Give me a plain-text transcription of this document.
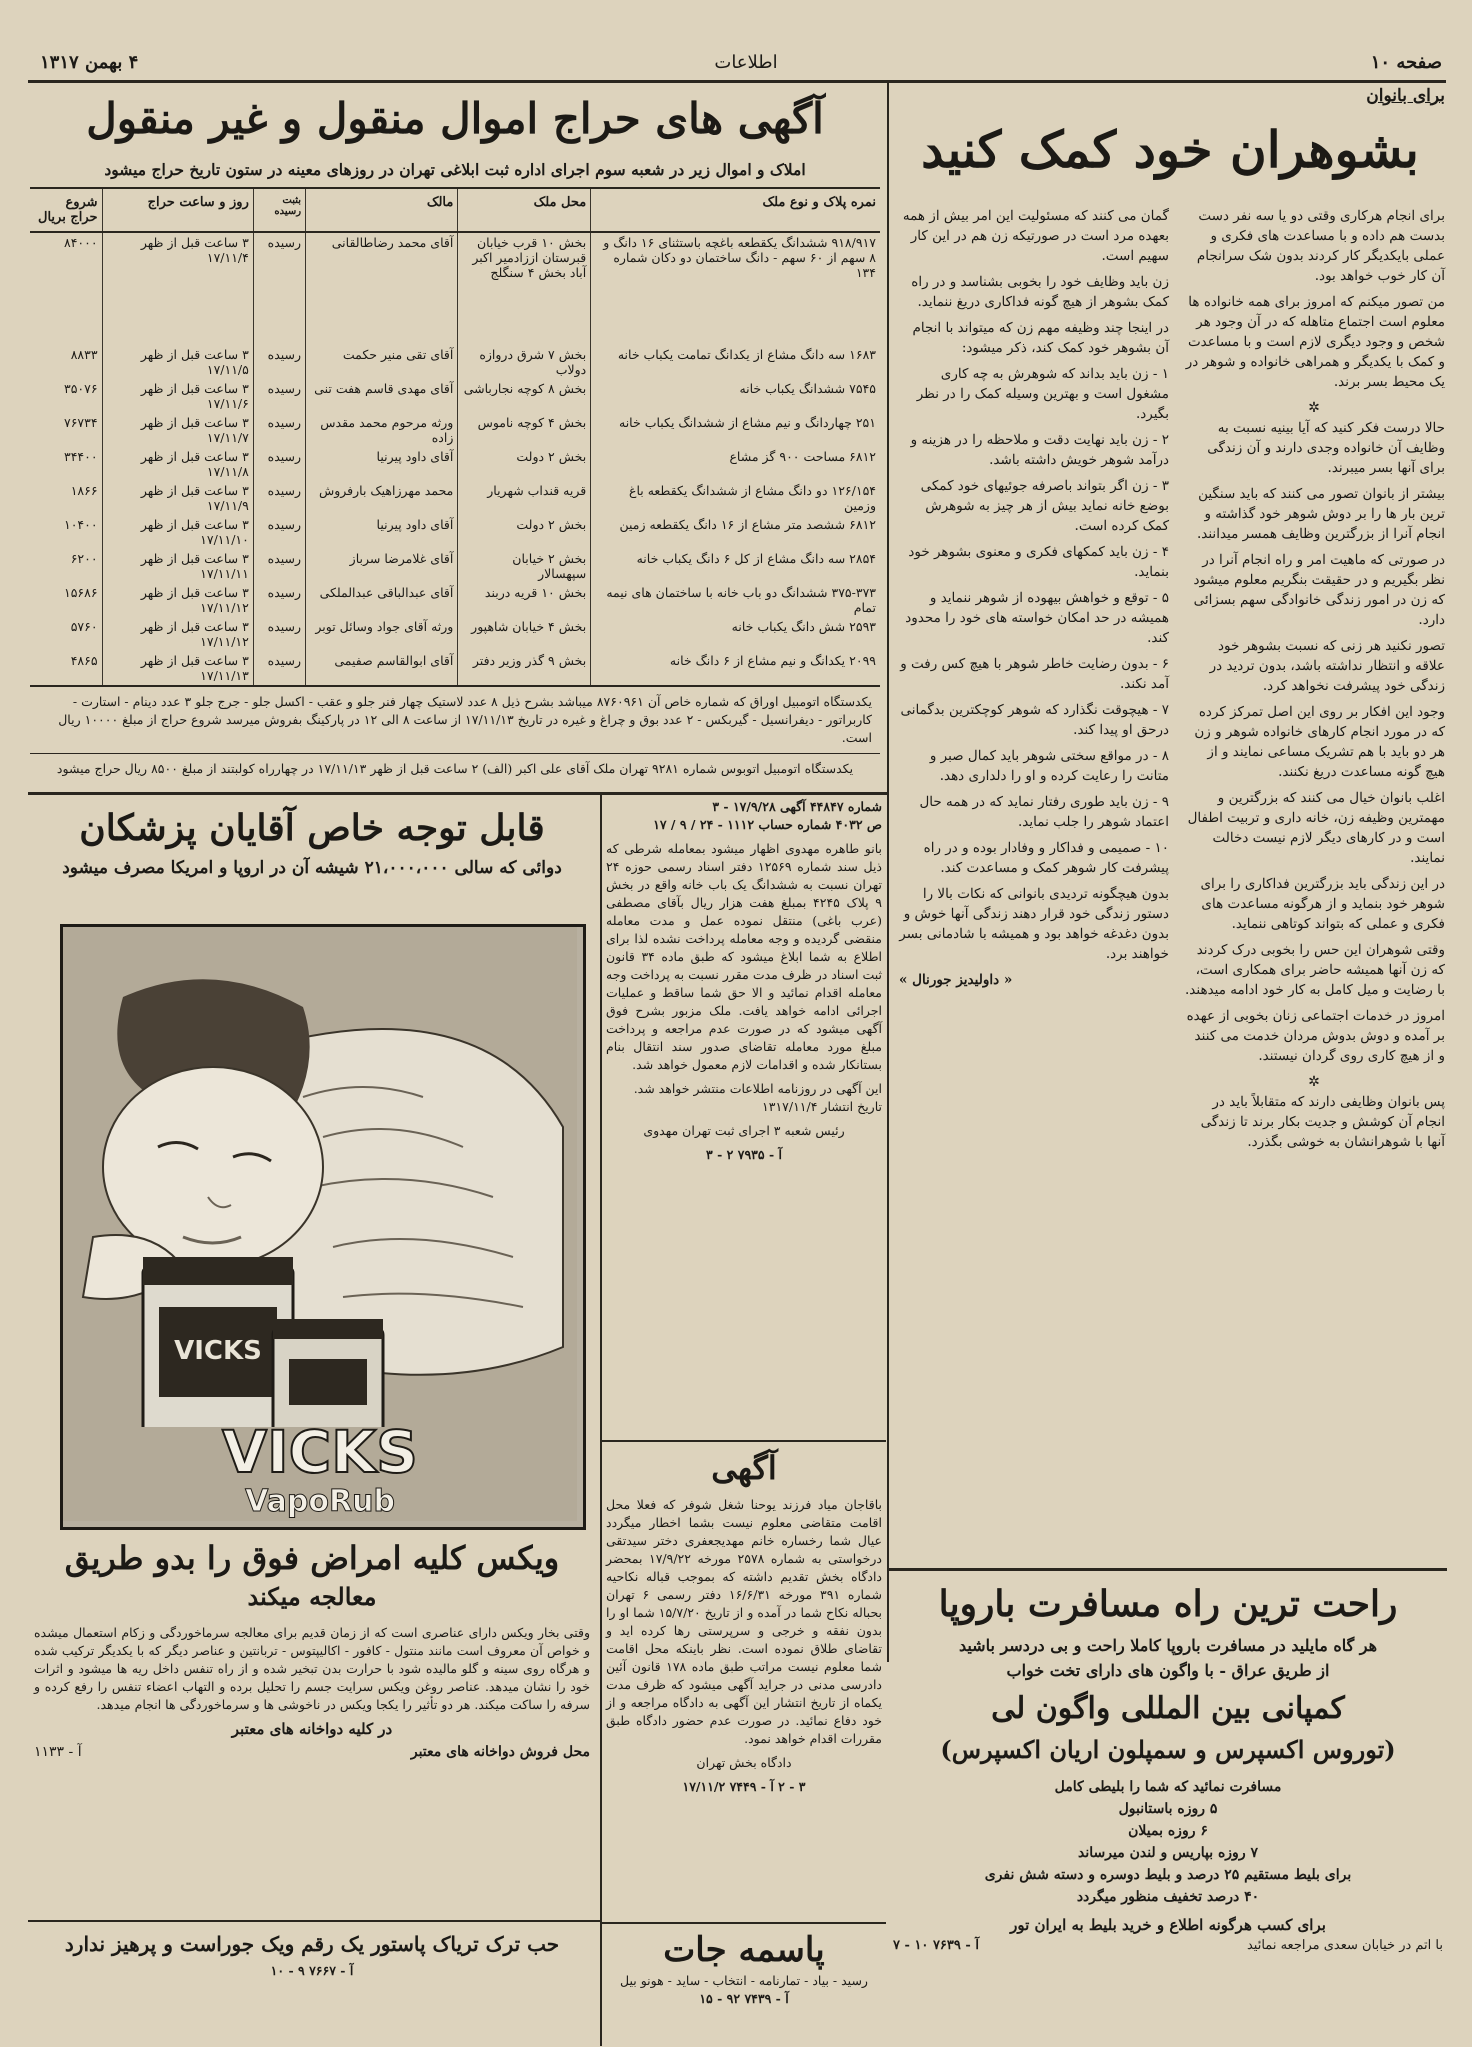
صفحه ۱۰
اطلاعات
۴ بهمن ۱۳۱۷
برای بانوان
بشوهران خود کمک کنید

برای انجام هرکاری وقتی دو یا سه نفر دست بدست هم داده و با مساعدت های فکری و عملی بایکدیگر کار کردند بدون شک سرانجام آن کار خوب خواهد بود.

من تصور میکنم که امروز برای همه خانواده ها معلوم است اجتماع متاهله که در آن وجود هر شخص و وجود دیگری لازم است و با مساعدت و کمک با یکدیگر و همراهی خانواده و شوهر در یک محیط بسر برند.

✲

حالا درست فکر کنید که آیا بینیه نسبت به وظایف آن خانواده وجدی دارند و آن زندگی برای آنها بسر میبرند.

بیشتر از بانوان تصور می کنند که باید سنگین ترین بار ها را بر دوش شوهر خود گذاشته و انجام آنرا از بزرگترین وظایف همسر میدانند.

در صورتی که ماهیت امر و راه انجام آنرا در نظر بگیریم و در حقیقت بنگریم معلوم میشود که زن در امور زندگی خانوادگی سهم بسزائی دارد.

تصور نکنید هر زنی که نسبت بشوهر خود علاقه و انتظار نداشته باشد، بدون تردید در زندگی خود پیشرفت نخواهد کرد.

وجود این افکار بر روی این اصل تمرکز کرده که در مورد انجام کارهای خانواده شوهر و زن هر دو باید با هم تشریک مساعی نمایند و از هیچ گونه مساعدت دریغ نکنند.

اغلب بانوان خیال می کنند که بزرگترین و مهمترین وظیفه زن، خانه داری و تربیت اطفال است و در کارهای دیگر لازم نیست دخالت نمایند.

در این زندگی باید بزرگترین فداکاری را برای شوهر خود بنماید و از هرگونه مساعدت های فکری و عملی که بتواند کوتاهی ننماید.

وقتی شوهران این حس را بخوبی درک کردند که زن آنها همیشه حاضر برای همکاری است، با رضایت و میل کامل به کار خود ادامه میدهند.

امروز در خدمات اجتماعی زنان بخوبی از عهده بر آمده و دوش بدوش مردان خدمت می کنند و از هیچ کاری روی گردان نیستند.

✲

پس بانوان وظایفی دارند که متقابلاً باید در انجام آن کوشش و جدیت بکار برند تا زندگی آنها با شوهرانشان به خوشی بگذرد.

گمان می کنند که مسئولیت این امر بیش از همه بعهده مرد است در صورتیکه زن هم در این کار سهیم است.

زن باید وظایف خود را بخوبی بشناسد و در راه کمک بشوهر از هیچ گونه فداکاری دریغ ننماید.

در اینجا چند وظیفه مهم زن که میتواند با انجام آن بشوهر خود کمک کند، ذکر میشود:

۱ - زن باید بداند که شوهرش به چه کاری مشغول است و بهترین وسیله کمک را در نظر بگیرد.

۲ - زن باید نهایت دقت و ملاحظه را در هزینه و درآمد شوهر خویش داشته باشد.

۳ - زن اگر بتواند باصرفه جوئیهای خود کمکی بوضع خانه نماید بیش از هر چیز به شوهرش کمک کرده است.

۴ - زن باید کمکهای فکری و معنوی بشوهر خود بنماید.

۵ - توقع و خواهش بیهوده از شوهر ننماید و همیشه در حد امکان خواسته های خود را محدود کند.

۶ - بدون رضایت خاطر شوهر با هیچ کس رفت و آمد نکند.

۷ - هیچوقت نگذارد که شوهر کوچکترین بدگمانی درحق او پیدا کند.

۸ - در مواقع سختی شوهر باید کمال صبر و متانت را رعایت کرده و او را دلداری دهد.

۹ - زن باید طوری رفتار نماید که در همه حال اعتماد شوهر را جلب نماید.

۱۰ - صمیمی و فداکار و وفادار بوده و در راه پیشرفت کار شوهر کمک و مساعدت کند.

بدون هیچگونه تردیدی بانوانی که نکات بالا را دستور زندگی خود قرار دهند زندگی آنها خوش و بدون دغدغه خواهد بود و همیشه با شادمانی بسر خواهند برد.

« داولیدیز جورنال »

آگهی های حراج اموال منقول و غیر منقول
املاک و اموال زیر در شعبه سوم اجرای اداره ثبت ابلاغی تهران در روزهای معینه در ستون تاریخ حراج میشود
نمره پلاک و نوع ملک	محل ملک	مالک	بثبت رسیده	روز و ساعت حراج	شروع حراج بریال
۹۱۸/۹۱۷ ششدانگ یکقطعه باغچه باستثنای ۱۶ دانگ و ۸ سهم از ۶۰ سهم - دانگ ساختمان دو دکان شماره ۱۳۴	بخش ۱۰ قرب خیابان قبرستان اززادمیر اکبر آباد بخش ۴ سنگلج	آقای محمد رضاطالقانی	رسیده	۳ ساعت قبل از ظهر ۱۷/۱۱/۴	۸۴۰۰۰
۱۶۸۳ سه دانگ مشاع از یکدانگ تمامت یکباب خانه	بخش ۷ شرق دروازه دولاب	آقای تقی منیر حکمت	رسیده	۳ ساعت قبل از ظهر ۱۷/۱۱/۵	۸۸۳۳
۷۵۴۵ ششدانگ یکباب خانه	بخش ۸ کوچه نجارباشی	آقای مهدی قاسم هفت تنی	رسیده	۳ ساعت قبل از ظهر ۱۷/۱۱/۶	۳۵۰۷۶
۲۵۱ چهاردانگ و نیم مشاع از ششدانگ یکباب خانه	بخش ۴ کوچه ناموس	ورثه مرحوم محمد مقدس زاده	رسیده	۳ ساعت قبل از ظهر ۱۷/۱۱/۷	۷۶۷۳۴
۶۸۱۲ مساحت ۹۰۰ گز مشاع	بخش ۲ دولت	آقای داود پیرنیا	رسیده	۳ ساعت قبل از ظهر ۱۷/۱۱/۸	۳۴۴۰۰
۱۲۶/۱۵۴ دو دانگ مشاع از ششدانگ یکقطعه باغ وزمین	قریه قنداب شهریار	محمد مهرزاهیک بارفروش	رسیده	۳ ساعت قبل از ظهر ۱۷/۱۱/۹	۱۸۶۶
۶۸۱۲ ششصد متر مشاع از ۱۶ دانگ یکقطعه زمین	بخش ۲ دولت	آقای داود پیرنیا	رسیده	۳ ساعت قبل از ظهر ۱۷/۱۱/۱۰	۱۰۴۰۰
۲۸۵۴ سه دانگ مشاع از کل ۶ دانگ یکباب خانه	بخش ۲ خیابان سپهسالار	آقای غلامرضا سرباز	رسیده	۳ ساعت قبل از ظهر ۱۷/۱۱/۱۱	۶۲۰۰
۳۷۵-۳۷۳ ششدانگ دو باب خانه با ساختمان های نیمه تمام	بخش ۱۰ قریه دربند	آقای عبدالباقی عبدالملکی	رسیده	۳ ساعت قبل از ظهر ۱۷/۱۱/۱۲	۱۵۶۸۶
۲۵۹۳ شش دانگ یکباب خانه	بخش ۴ خیابان شاهپور	ورثه آقای جواد وسائل توبر	رسیده	۳ ساعت قبل از ظهر ۱۷/۱۱/۱۲	۵۷۶۰
۲۰۹۹ یکدانگ و نیم مشاع از ۶ دانگ خانه	بخش ۹ گذر وزیر دفتر	آقای ابوالقاسم صفیمی	رسیده	۳ ساعت قبل از ظهر ۱۷/۱۱/۱۳	۴۸۶۵
یکدستگاه اتومبیل اوراق که شماره خاص آن ۸۷۶۰۹۶۱ میباشد بشرح ذیل ۸ عدد لاستیک چهار فنر جلو و عقب - اکسل جلو - جرج جلو ۳ عدد دینام - استارت - کاربراتور - دیفرانسیل - گیربکس - ۲ عدد بوق و چراغ و غیره در تاریخ ۱۷/۱۱/۱۳ از ساعت ۸ الی ۱۲ در پارکینگ بفروش میرسد شروع حراج از مبلغ ۱۰۰۰۰ ریال است.
یکدستگاه اتومبیل اتوبوس شماره ۹۲۸۱ تهران ملک آقای علی اکبر (الف) ۲ ساعت قبل از ظهر ۱۷/۱۱/۱۳ در چهارراه کولبتند از مبلغ ۸۵۰۰ ریال حراج میشود
شماره ۴۴۸۴۷ آگهی ۱۷/۹/۲۸ - ۳
ص ۴۰۳۲ شماره حساب ۱۱۱۲ - ۲۴ / ۹ / ۱۷

بانو طاهره مهدوی اظهار میشود بمعامله شرطی که ذیل سند شماره ۱۲۵۶۹ دفتر اسناد رسمی حوزه ۲۴ تهران نسبت به ششدانگ یک باب خانه واقع در بخش ۹ پلاک ۴۲۴۵ بمبلغ هفت هزار ریال بآقای مصطفی (عرب باغی) منتقل نموده عمل و مدت معامله منقضی گردیده و وجه معامله پرداخت نشده لذا برای اطلاع به شما ابلاغ میشود که طبق ماده ۳۴ قانون ثبت اسناد در ظرف مدت مقرر نسبت به پرداخت وجه معامله اقدام نمائید و الا حق شما ساقط و عملیات اجرائی ادامه خواهد یافت. ملک مزبور بشرح فوق آگهی میشود که در صورت عدم مراجعه و پرداخت مبلغ مورد معامله تقاضای صدور سند انتقال بنام بستانکار شده و اقدامات لازم معمول خواهد شد.

این آگهی در روزنامه اطلاعات منتشر خواهد شد. تاریخ انتشار ۱۳۱۷/۱۱/۴

رئیس شعبه ۳ اجرای ثبت تهران مهدوی

آ - ۷۹۳۵ ۲ - ۳

آگهی

باقاجان میاد فرزند یوحنا شغل شوفر که فعلا محل اقامت متقاضی معلوم نیست بشما اخطار میگردد عیال شما رخساره خانم مهدیجعفری دختر سیدتقی درخواستی به شماره ۲۵۷۸ مورخه ۱۷/۹/۲۲ بمحضر دادگاه بخش تقدیم داشته که بموجب قباله نکاحیه شماره ۳۹۱ مورخه ۱۶/۶/۳۱ دفتر رسمی ۶ تهران بحباله نکاح شما در آمده و از تاریخ ۱۵/۷/۲۰ شما او را بدون نفقه و خرجی و سرپرستی رها کرده اید و تقاضای طلاق نموده است. نظر باینکه محل اقامت شما معلوم نیست مراتب طبق ماده ۱۷۸ قانون آئین دادرسی مدنی در جراید آگهی میشود که ظرف مدت یکماه از تاریخ انتشار این آگهی به دادگاه مراجعه و از خود دفاع نمائید. در صورت عدم حضور دادگاه طبق مقررات اقدام خواهد نمود.

دادگاه بخش تهران

۳ - ۲ آ - ۷۴۴۹ ۱۷/۱۱/۲

پاسمه جات
رسید - بیاد - تمارنامه - انتخاب - ساید - هونو بیل
آ - ۷۴۳۹ ۹۲ - ۱۵
قابل توجه خاص آقایان پزشکان
دوائی که سالی ۲۱،۰۰۰،۰۰۰ شیشه آن در اروپا و امریکا مصرف میشود
VICKS
VICKS
VapoRub
ویکس کلیه امراض فوق را بدو طریق
معالجه میکند

وقتی بخار ویکس دارای عناصری است که از زمان قدیم برای معالجه سرماخوردگی و زکام استعمال میشده و خواص آن معروف است مانند منتول - کافور - اکالیپتوس - تربانتین و عناصر دیگر که با یکدیگر ترکیب شده و هرگاه روی سینه و گلو مالیده شود با حرارت بدن تبخیر شده و از راه تنفس داخل ریه ها میشود و اثرات خود را نشان میدهد. عناصر روغن ویکس سرایت جسم را تحلیل برده و التهاب اعضاء تنفس را رفع کرده و سرفه را ساکت میکند. هر دو تأثیر را یکجا ویکس در ناخوشی ها و سرماخوردگی ها انجام میدهد.

در کلیه دواخانه های معتبر
محل فروش دواخانه های معتبر
آ - ۱۱۳۳
حب ترک تریاک پاستور یک رقم ویک جوراست و پرهیز ندارد
آ - ۷۶۶۷ ۹ - ۱۰
راحت ترین راه مسافرت باروپا
هر گاه مایلید در مسافرت باروپا کاملا راحت و بی دردسر باشید
از طریق عراق - با واگون های دارای تخت خواب
کمپانی بین المللی واگون لی
(توروس اکسپرس و سمپلون اریان اکسپرس)
مسافرت نمائید که شما را بلیطی کامل
۵ روزه باستانبول
۶ روزه بمیلان
۷ روزه بپاریس و لندن میرساند
برای بلیط مستقیم ۲۵ درصد و بلیط دوسره و دسته شش نفری
۴۰ درصد تخفیف منظور میگردد
برای کسب هرگونه اطلاع و خرید بلیط به ایران تور
با اتم در خیابان سعدی مراجعه نمائید
آ - ۷۶۳۹ ۱۰ - ۷
